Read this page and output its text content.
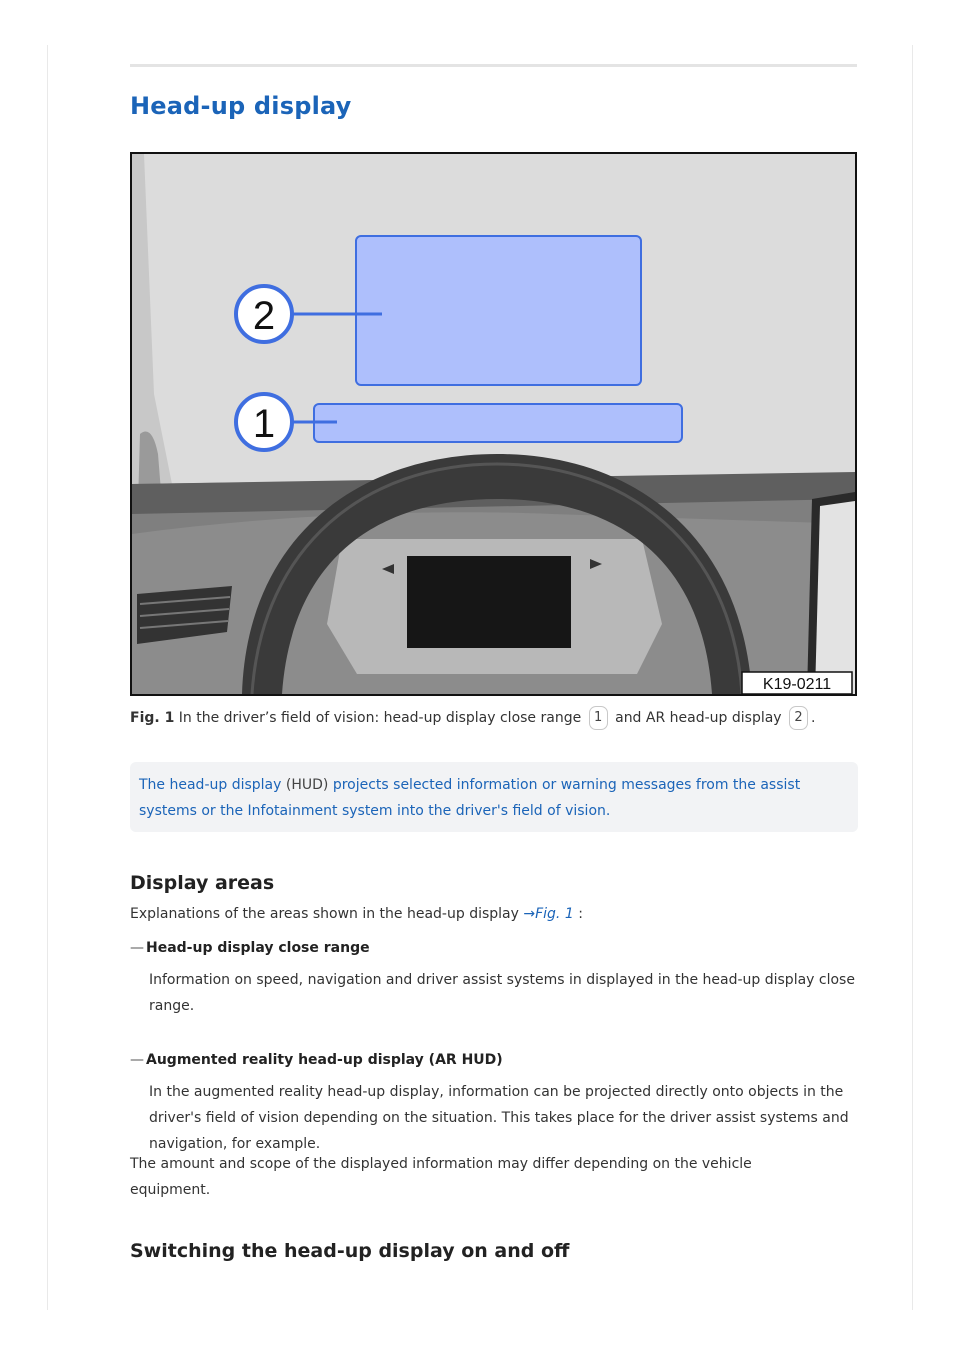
Head-up display
1
2
K19-0211
Fig. 1 In the driver’s field of vision: head-up display close range 1 and AR head-up display 2 .
The head-up display (HUD) projects selected information or warning messages from the assist systems or the Infotainment system into the driver's field of vision.
Display areas

Explanations of the areas shown in the head-up display →Fig. 1 :

— Head-up display close range

Information on speed, navigation and driver assist systems in displayed in the head-up display close range.

— Augmented reality head-up display (AR HUD)

In the augmented reality head-up display, information can be projected directly onto objects in the driver's field of vision depending on the situation. This takes place for the driver assist systems and navigation, for example.

The amount and scope of the displayed information may differ depending on the vehicle equipment.

Switching the head-up display on and off
